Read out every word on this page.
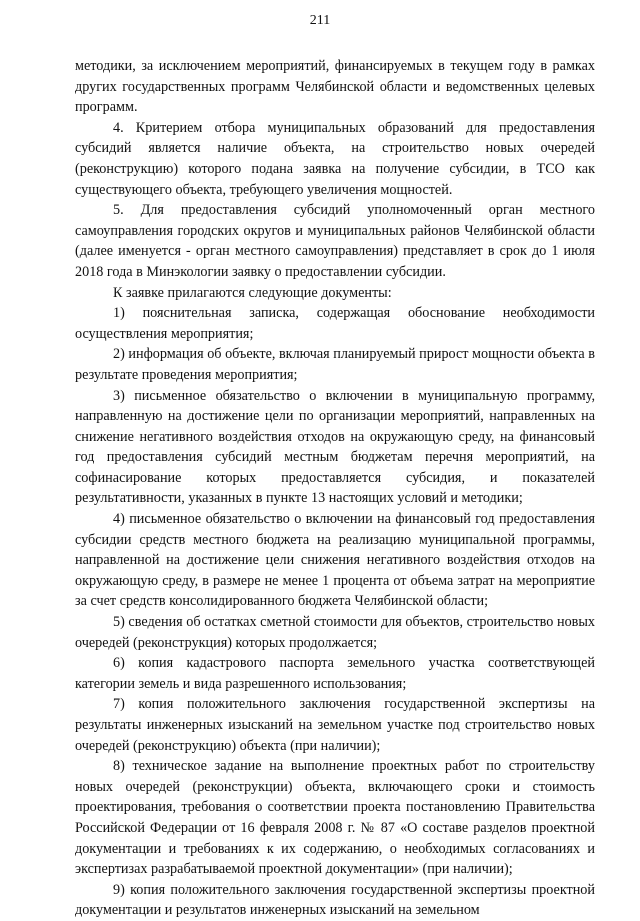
211

методики, за исключением мероприятий, финансируемых в текущем году в рамках других государственных программ Челябинской области и ведомственных целевых программ.

4. Критерием отбора муниципальных образований для предоставления субсидий является наличие объекта, на строительство новых очередей (реконструкцию) которого подана заявка на получение субсидии, в ТСО как существующего объекта, требующего увеличения мощностей.

5. Для предоставления субсидий уполномоченный орган местного самоуправления городских округов и муниципальных районов Челябинской области (далее именуется - орган местного самоуправления) представляет в срок до 1 июля 2018 года в Минэкологии заявку о предоставлении субсидии.

К заявке прилагаются следующие документы:

1) пояснительная записка, содержащая обоснование необходимости осуществления мероприятия;

2) информация об объекте, включая планируемый прирост мощности объекта в результате проведения мероприятия;

3) письменное обязательство о включении в муниципальную программу, направленную на достижение цели по организации мероприятий, направленных на снижение негативного воздействия отходов на окружающую среду, на финансовый год предоставления субсидий местным бюджетам перечня мероприятий, на софинасирование которых предоставляется субсидия, и показателей результативности, указанных в пункте 13 настоящих условий и методики;

4) письменное обязательство о включении на финансовый год предоставления субсидии средств местного бюджета на реализацию муниципальной программы, направленной на достижение цели снижения негативного воздействия отходов на окружающую среду, в размере не менее 1 процента от объема затрат на мероприятие за счет средств консолидированного бюджета Челябинской области;

5) сведения об остатках сметной стоимости для объектов, строительство новых очередей (реконструкция) которых продолжается;

6) копия кадастрового паспорта земельного участка соответствующей категории земель и вида разрешенного использования;

7) копия положительного заключения государственной экспертизы на результаты инженерных изысканий на земельном участке под строительство новых очередей (реконструкцию) объекта (при наличии);

8) техническое задание на выполнение проектных работ по строительству новых очередей (реконструкции) объекта, включающего сроки и стоимость проектирования, требования о соответствии проекта постановлению Правительства Российской Федерации от 16 февраля 2008 г. № 87 «О составе разделов проектной документации и требованиях к их содержанию, о необходимых согласованиях и экспертизах разрабатываемой проектной документации» (при наличии);

9) копия положительного заключения государственной экспертизы проектной документации и результатов инженерных изысканий на земельном
